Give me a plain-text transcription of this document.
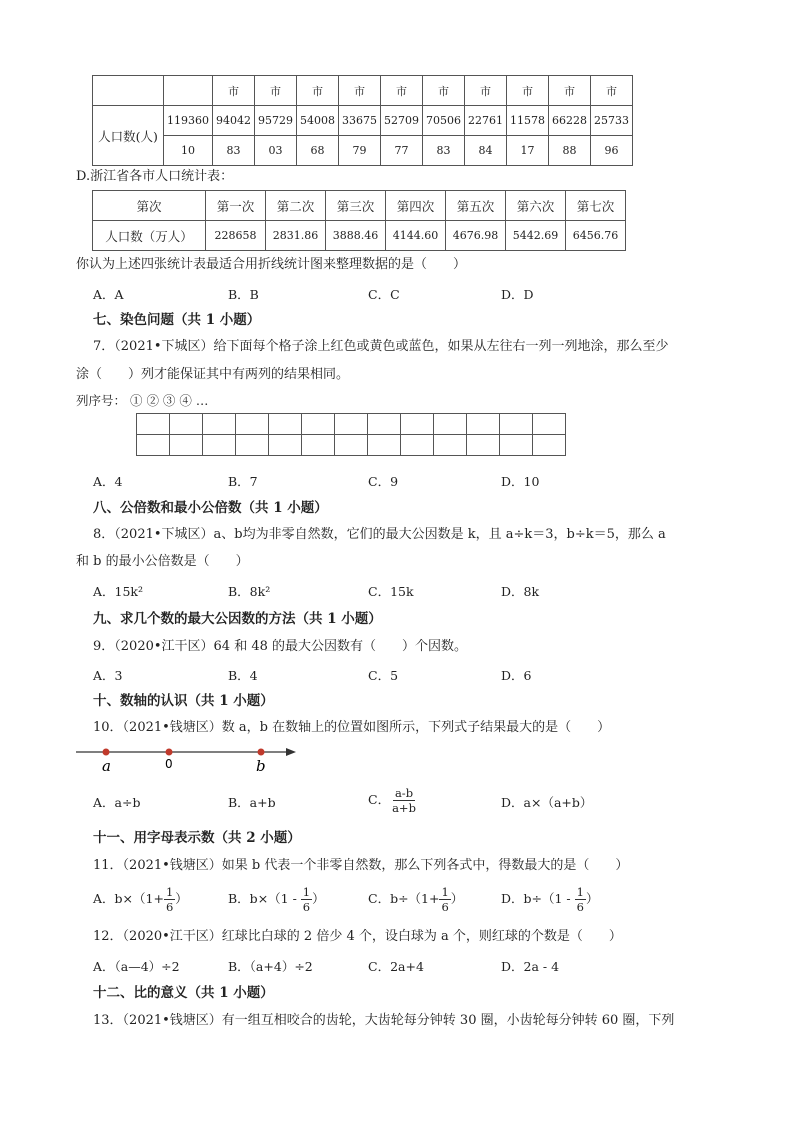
		市	市	市	市	市	市	市	市	市	市
人口数(人)	119360	94042	95729	54008	33675	52709	70506	22761	11578	66228	25733
	10	83	03	68	79	77	83	84	17	88	96
D.浙江省各市人口统计表：
第次	第一次	第二次	第三次	第四次	第五次	第六次	第七次
人口数（万人）	228658	2831.86	3888.46	4144.60	4676.98	5442.69	6456.76
你认为上述四张统计表最适合用折线统计图来整理数据的是（　　）
A．A	B．B	C．C	D．D
七、染色问题（共 1 小题）
7．（2021•下城区）给下面每个格子涂上红色或黄色或蓝色，如果从左往右一列一列地涂，那么至少
涂（　　）列才能保证其中有两列的结果相同。
列序号： ① ② ③ ④ …

A．4	B．7	C．9	D．10
八、公倍数和最小公倍数（共 1 小题）
8．（2021•下城区）a、b均为非零自然数，它们的最大公因数是 k，且 a÷k＝3，b÷k＝5，那么 a
和 b 的最小公倍数是（　　）
A．15k²	B．8k²	C．15k	D．8k
九、求几个数的最大公因数的方法（共 1 小题）
9．（2020•江干区）64 和 48 的最大公因数有（　　）个因数。
A．3	B．4	C．5	D．6
十、数轴的认识（共 1 小题）
10．（2021•钱塘区）数 a，b 在数轴上的位置如图所示，下列式子结果最大的是（　　）
a	0	b
A．a÷b	B．a+b	C． $\frac{a-b}{a+b}$	D．a×（a+b）
十一、用字母表示数（共 2 小题）
11．（2021•钱塘区）如果 b 代表一个非零自然数，那么下列各式中，得数最大的是（　　）
A．$b\times(1+ \frac{1}{6}$ ）	B．$b\times(1 - \frac{1}{6}$ ）	C．$b\div(1+ \frac{1}{6}$ ）	D．$b\div(1 - \frac{1}{6}$ ）
12．（2020•江干区）红球比白球的 2 倍少 4 个，设白球为 a 个，则红球的个数是（　　）
A．（a—4）÷2	B．（a+4）÷2	C．2a+4	D．2a - 4
十二、比的意义（共 1 小题）
13．（2021•钱塘区）有一组互相咬合的齿轮，大齿轮每分钟转 30 圈，小齿轮每分钟转 60 圈，下列
